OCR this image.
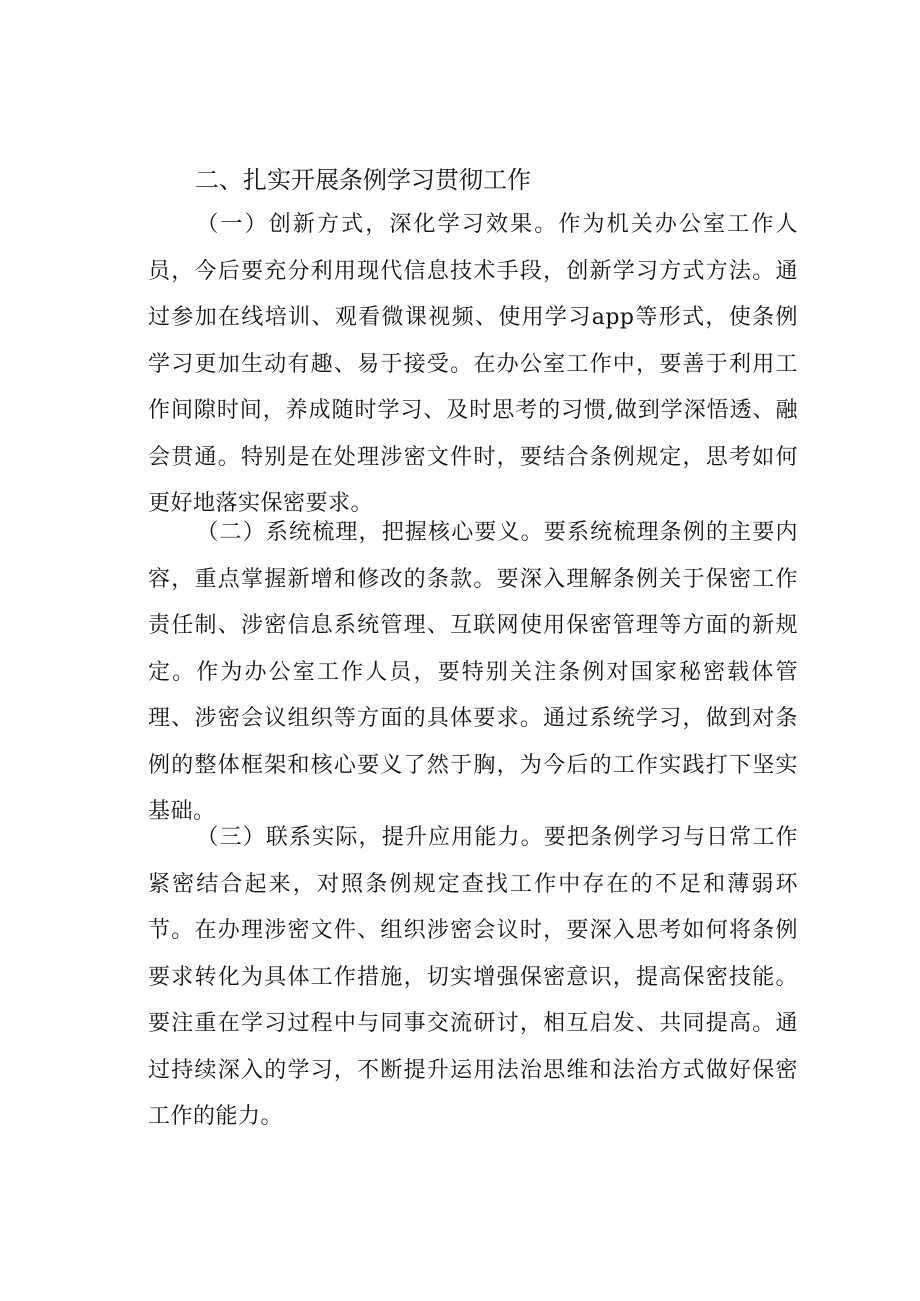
二、扎实开展条例学习贯彻工作

（一）创新方式，深化学习效果。作为机关办公室工作人员，今后要充分利用现代信息技术手段，创新学习方式方法。通过参加在线培训、观看微课视频、使用学习app等形式，使条例学习更加生动有趣、易于接受。在办公室工作中，要善于利用工作间隙时间，养成随时学习、及时思考的习惯,做到学深悟透、融会贯通。特别是在处理涉密文件时，要结合条例规定，思考如何更好地落实保密要求。

（二）系统梳理，把握核心要义。要系统梳理条例的主要内容，重点掌握新增和修改的条款。要深入理解条例关于保密工作责任制、涉密信息系统管理、互联网使用保密管理等方面的新规定。作为办公室工作人员，要特别关注条例对国家秘密载体管理、涉密会议组织等方面的具体要求。通过系统学习，做到对条例的整体框架和核心要义了然于胸，为今后的工作实践打下坚实基础。

（三）联系实际，提升应用能力。要把条例学习与日常工作紧密结合起来，对照条例规定查找工作中存在的不足和薄弱环节。在办理涉密文件、组织涉密会议时，要深入思考如何将条例要求转化为具体工作措施，切实增强保密意识，提高保密技能。要注重在学习过程中与同事交流研讨，相互启发、共同提高。通过持续深入的学习，不断提升运用法治思维和法治方式做好保密工作的能力。
